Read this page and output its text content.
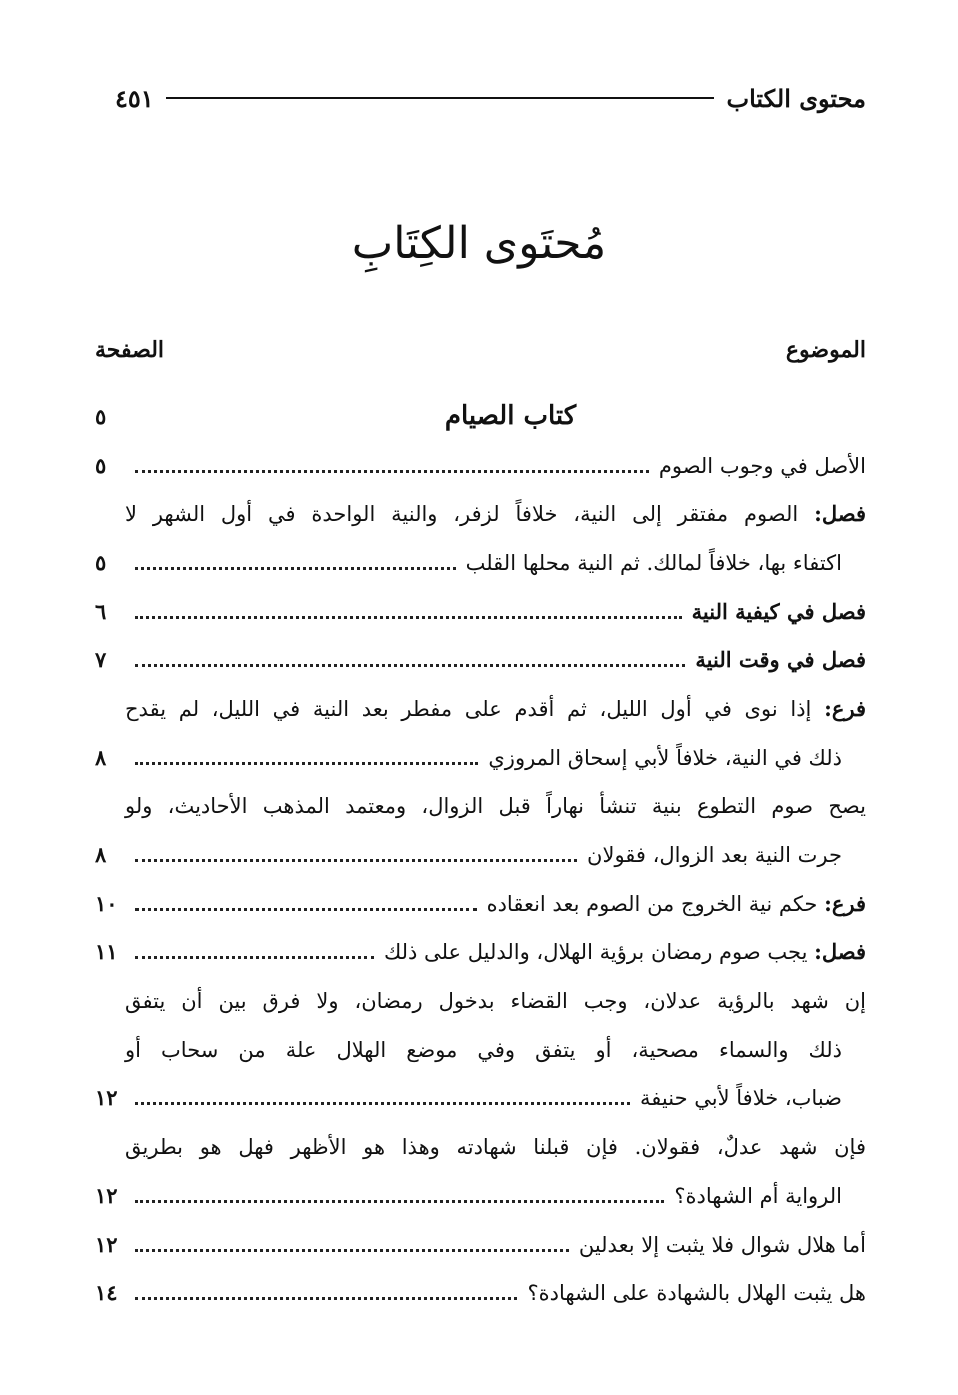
محتوى الكتاب
٤٥١
مُحتَوى الكِتَابِ
الموضوع
الصفحة
كتاب الصيام
٥
الأصل في وجوب الصوم
٥
فصل: الصوم مفتقر إلى النية، خلافاً لزفر، والنية الواحدة في أول الشهر لا
اكتفاء بها، خلافاً لمالك. ثم النية محلها القلب
٥
فصل في كيفية النية
٦
فصل في وقت النية
٧
فرع: إذا نوى في أول الليل، ثم أقدم على مفطر بعد النية في الليل، لم يقدح
ذلك في النية، خلافاً لأبي إسحاق المروزي
٨
يصح صوم التطوع بنية تنشأ نهاراً قبل الزوال، ومعتمد المذهب الأحاديث، ولو
جرت النية بعد الزوال، فقولان
٨
فرع: حكم نية الخروج من الصوم بعد انعقاده
١٠
فصل: يجب صوم رمضان برؤية الهلال، والدليل على ذلك
١١
إن شهد بالرؤية عدلان، وجب القضاء بدخول رمضان، ولا فرق بين أن يتفق
ذلك والسماء مصحية، أو يتفق وفي موضع الهلال علة من سحاب أو
ضباب، خلافاً لأبي حنيفة
١٢
فإن شهد عدلٌ، فقولان. فإن قبلنا شهادته وهذا هو الأظهر فهل هو بطريق
الرواية أم الشهادة؟
١٢
أما هلال شوال فلا يثبت إلا بعدلين
١٢
هل يثبت الهلال بالشهادة على الشهادة؟
١٤
